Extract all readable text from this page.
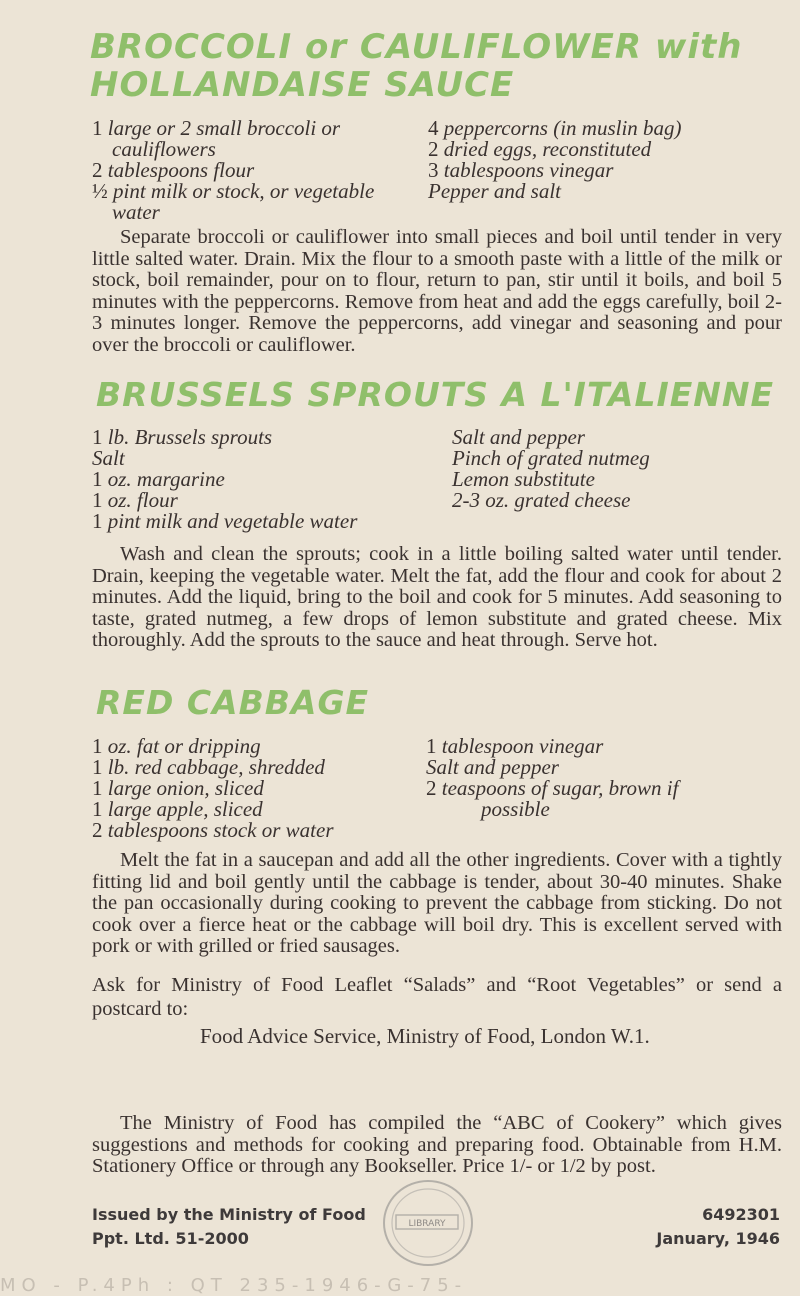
BROCCOLI or CAULIFLOWER with
HOLLANDAISE SAUCE
1 large or 2 small broccoli or
cauliflowers
2 tablespoons flour
½ pint milk or stock, or vegetable
water
4 peppercorns (in muslin bag)
2 dried eggs, reconstituted
3 tablespoons vinegar
Pepper and salt

Separate broccoli or cauliflower into small pieces and boil until tender in very little salted water. Drain. Mix the flour to a smooth paste with a little of the milk or stock, boil remainder, pour on to flour, return to pan, stir until it boils, and boil 5 minutes with the peppercorns. Remove from heat and add the eggs carefully, boil 2-3 minutes longer. Remove the peppercorns, add vinegar and seasoning and pour over the broccoli or cauliflower.

BRUSSELS SPROUTS A L'ITALIENNE
1 lb. Brussels sprouts
Salt
1 oz. margarine
1 oz. flour
1 pint milk and vegetable water
Salt and pepper
Pinch of grated nutmeg
Lemon substitute
2-3 oz. grated cheese

Wash and clean the sprouts; cook in a little boiling salted water until tender. Drain, keeping the vegetable water. Melt the fat, add the flour and cook for about 2 minutes. Add the liquid, bring to the boil and cook for 5 minutes. Add seasoning to taste, grated nutmeg, a few drops of lemon substitute and grated cheese. Mix thoroughly. Add the sprouts to the sauce and heat through. Serve hot.

RED CABBAGE
1 oz. fat or dripping
1 lb. red cabbage, shredded
1 large onion, sliced
1 large apple, sliced
2 tablespoons stock or water
1 tablespoon vinegar
Salt and pepper
2 teaspoons of sugar, brown if
possible

Melt the fat in a saucepan and add all the other ingredients. Cover with a tightly fitting lid and boil gently until the cabbage is tender, about 30-40 minutes. Shake the pan occasionally during cooking to prevent the cabbage from sticking. Do not cook over a fierce heat or the cabbage will boil dry. This is excellent served with pork or with grilled or fried sausages.

Ask for Ministry of Food Leaflet “Salads” and “Root Vegetables” or send a postcard to:

Food Advice Service, Ministry of Food, London W.1.

The Ministry of Food has compiled the “ABC of Cookery” which gives suggestions and methods for cooking and preparing food. Obtainable from H.M. Stationery Office or through any Bookseller. Price 1/- or 1/2 by post.

Issued by the Ministry of Food
Ppt. Ltd. 51-2000

LIBRARY	6492301
January, 1946

MO - P.4Ph : QT 235-1946-G-75-
